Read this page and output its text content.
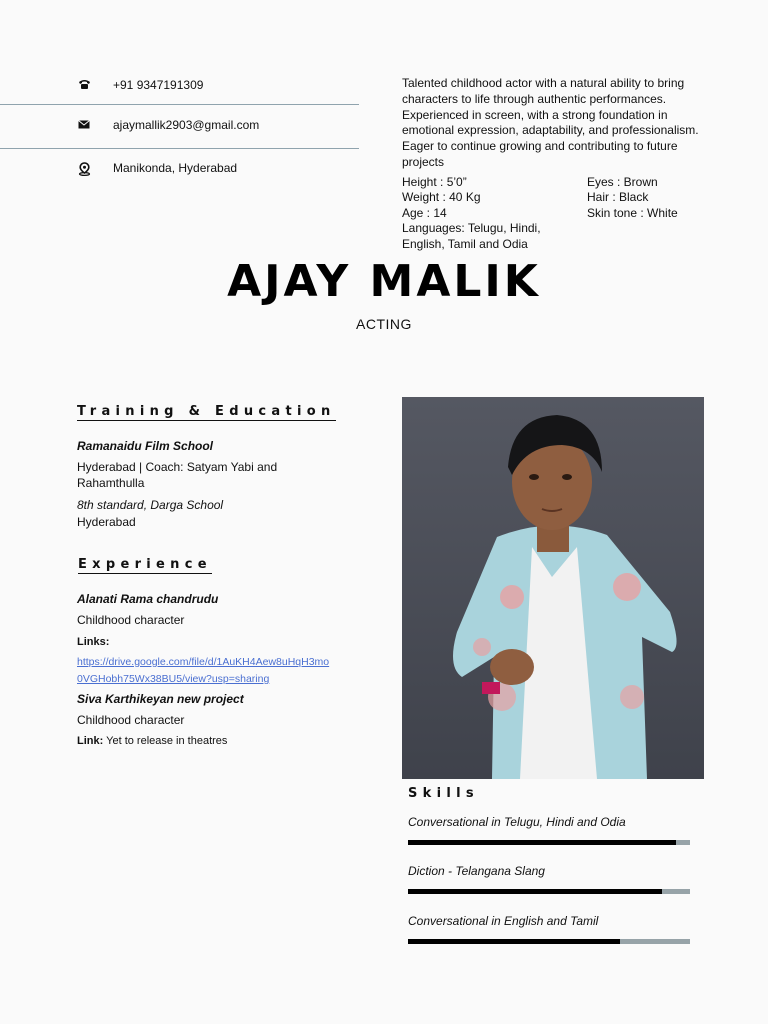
+91 9347191309
ajaymallik2903@gmail.com
Manikonda, Hyderabad
Talented childhood actor with a natural ability to bring characters to life through authentic performances. Experienced in screen, with a strong foundation in emotional expression, adaptability, and professionalism. Eager to continue growing and contributing to future projects
Height : 5’0”
Weight : 40 Kg
Age : 14
Languages: Telugu, Hindi,
English, Tamil and Odia
Eyes : Brown
Hair : Black
Skin tone : White
AJAY MALIK
ACTING
Training & Education
Ramanaidu Film School
Hyderabad | Coach: Satyam Yabi and Rahamthulla
8th standard, Darga School
Hyderabad
Experience
Alanati Rama chandrudu
Childhood character
Links:
https://drive.google.com/file/d/1AuKH4Aew8uHqH3mo
0VGHobh75Wx38BU5/view?usp=sharing
Siva Karthikeyan new project
Childhood character
Link: Yet to release in theatres
Skills
Conversational in Telugu, Hindi and Odia
Diction - Telangana Slang
Conversational in English and Tamil
